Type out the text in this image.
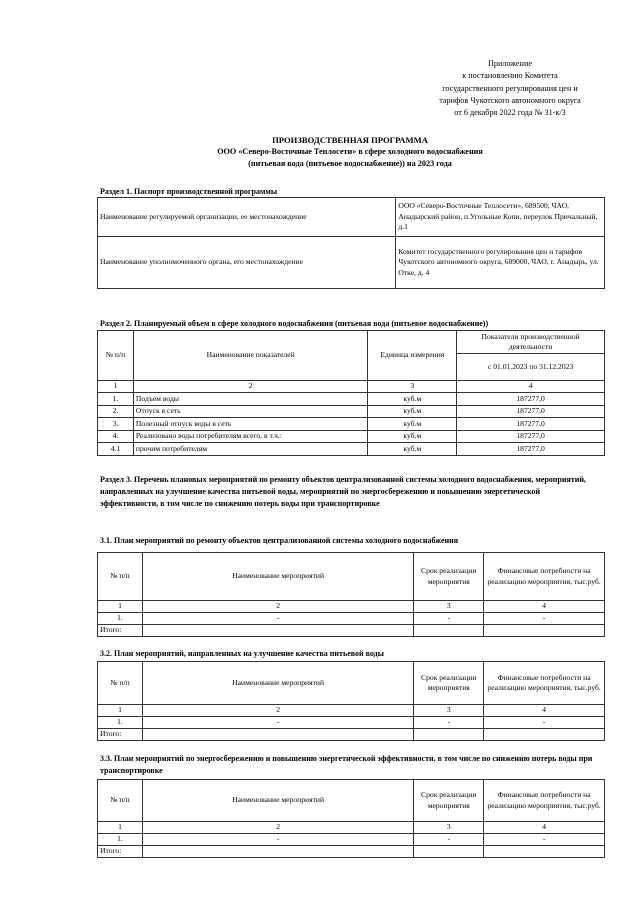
Приложение
к постановлению Комитета
государственного регулирования цен и
тарифов Чукотского автономного округа
от 6 декабря 2022 года № 31-к/3
ПРОИЗВОДСТВЕННАЯ ПРОГРАММА
ООО «Северо-Восточные Теплосети» в сфере холодного водоснабжения
(питьевая вода (питьевое водоснабжение)) на 2023 года
Раздел 1. Паспорт производственной программы
Наименование регулируемой организации, ее местонахождение	ООО «Северо-Восточные Теплосети», 689500, ЧАО, Анадырский район, п.Угольные Копи, переулок Причальный, д.1
Наименование уполномоченного органа, его местонахождение	Комитет государственного регулирования цен и тарифов Чукотского автономного округа, 689000, ЧАО, г. Анадырь, ул. Отке, д. 4
Раздел 2. Планируемый объем в сфере холодного водоснабжения (питьевая вода (питьевое водоснабжение))
№ п/п	Наименование показателей	Единица измерения	Показатели производственной деятельности
			с 01.01.2023 по 31.12.2023
1	2	3	4
1.	Подъем воды	куб.м	187277,0
2.	Отпуск в сеть	куб.м	187277,0
3.	Полезный отпуск воды в сеть	куб.м	187277,0
4.	Реализовано воды потребителям всего, в т.ч.:	куб.м	187277,0
4.1	прочим потребителям	куб.м	187277,0
Раздел 3. Перечень плановых мероприятий по ремонту объектов централизованной системы холодного водоснабжения, мероприятий, направленных на улучшение качества питьевой воды, мероприятий по энергосбережению и повышению энергетической эффективности, в том числе по снижению потерь воды при транспортировке
3.1. План мероприятий по ремонту объектов централизованной системы холодного водоснабжения
№ п/п	Наименование мероприятий	Срок реализации мероприятия	Финансовые потребности на реализацию мероприятия, тыс.руб.
1	2	3	4
1.	-	-	-
Итого:			
3.2. План мероприятий, направленных на улучшение качества питьевой воды
№ п/п	Наименование мероприятий	Срок реализации мероприятия	Финансовые потребности на реализацию мероприятия, тыс.руб.
1	2	3	4
1.	-	-	-
Итого:			
3.3. План мероприятий по энергосбережению и повышению энергетической эффективности, в том числе по снижению потерь воды при транспортировке
№ п/п	Наименование мероприятий	Срок реализации мероприятия	Финансовые потребности на реализацию мероприятия, тыс.руб.
1	2	3	4
1.	-	-	-
Итого:			
